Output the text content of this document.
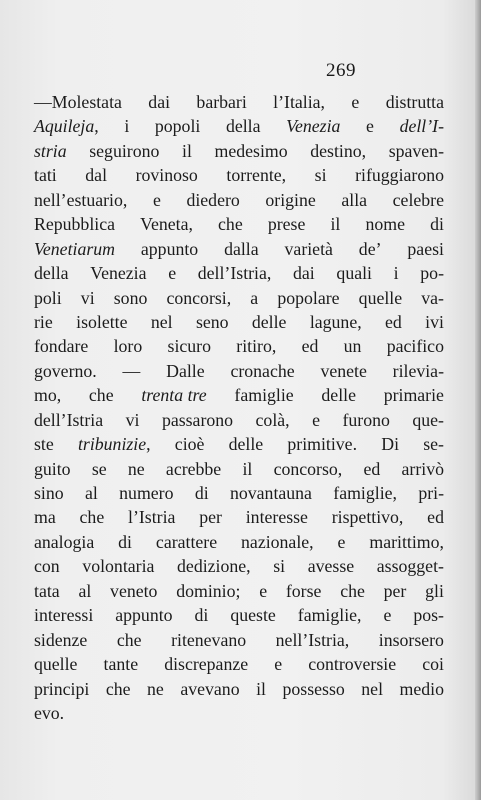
269
—Molestata dai barbari l’Italia, e distrutta
Aquileja, i popoli della Venezia e dell’I-
stria seguirono il medesimo destino, spaven-
tati dal rovinoso torrente, si rifuggiarono
nell’estuario, e diedero origine alla celebre
Repubblica Veneta, che prese il nome di
Venetiarum appunto dalla varietà de’ paesi
della Venezia e dell’Istria, dai quali i po-
poli vi sono concorsi, a popolare quelle va-
rie isolette nel seno delle lagune, ed ivi
fondare loro sicuro ritiro, ed un pacifico
governo. — Dalle cronache venete rilevia-
mo, che trenta tre famiglie delle primarie
dell’Istria vi passarono colà, e furono que-
ste tribunizie, cioè delle primitive. Di se-
guito se ne acrebbe il concorso, ed arrivò
sino al numero di novantauna famiglie, pri-
ma che l’Istria per interesse rispettivo, ed
analogia di carattere nazionale, e marittimo,
con volontaria dedizione, si avesse assogget-
tata al veneto dominio; e forse che per gli
interessi appunto di queste famiglie, e pos-
sidenze che ritenevano nell’Istria, insorsero
quelle tante discrepanze e controversie coi
principi che ne avevano il possesso nel medio
evo.
